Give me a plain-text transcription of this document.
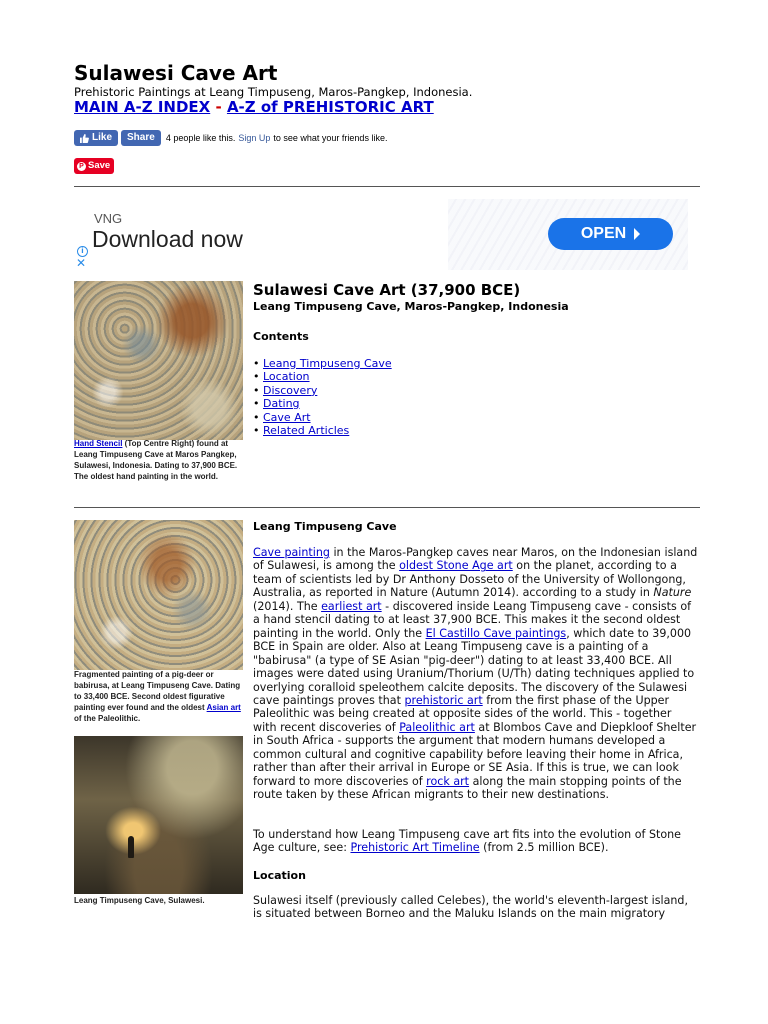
Sulawesi Cave Art
Prehistoric Paintings at Leang Timpuseng, Maros-Pangkep, Indonesia.
MAIN A-Z INDEX - A-Z of PREHISTORIC ART
Like	Share	4 people like this. Sign Up to see what your friends like.
P Save
VNG
Download now
i
✕
OPEN
Hand Stencil (Top Centre Right) found at Leang Timpuseng Cave at Maros Pangkep, Sulawesi, Indonesia. Dating to 37,900 BCE. The oldest hand painting in the world.
Fragmented painting of a pig-deer or babirusa, at Leang Timpuseng Cave. Dating to 33,400 BCE. Second oldest figurative painting ever found and the oldest Asian art of the Paleolithic.
Leang Timpuseng Cave, Sulawesi.
Sulawesi Cave Art (37,900 BCE)
Leang Timpuseng Cave, Maros-Pangkep, Indonesia
Contents
• Leang Timpuseng Cave
• Location
• Discovery
• Dating
• Cave Art
• Related Articles
Leang Timpuseng Cave

Cave painting in the Maros-Pangkep caves near Maros, on the Indonesian island of Sulawesi, is among the oldest Stone Age art on the planet, according to a team of scientists led by Dr Anthony Dosseto of the University of Wollongong, Australia, as reported in Nature (Autumn 2014). according to a study in Nature (2014). The earliest art - discovered inside Leang Timpuseng cave - consists of a hand stencil dating to at least 37,900 BCE. This makes it the second oldest painting in the world. Only the El Castillo Cave paintings, which date to 39,000 BCE in Spain are older. Also at Leang Timpuseng cave is a painting of a "babirusa" (a type of SE Asian "pig-deer") dating to at least 33,400 BCE. All images were dated using Uranium/Thorium (U/Th) dating techniques applied to overlying coralloid speleothem calcite deposits. The discovery of the Sulawesi cave paintings proves that prehistoric art from the first phase of the Upper Paleolithic was being created at opposite sides of the world. This - together with recent discoveries of Paleolithic art at Blombos Cave and Diepkloof Shelter in South Africa - supports the argument that modern humans developed a common cultural and cognitive capability before leaving their home in Africa, rather than after their arrival in Europe or SE Asia. If this is true, we can look forward to more discoveries of rock art along the main stopping points of the route taken by these African migrants to their new destinations.

To understand how Leang Timpuseng cave art fits into the evolution of Stone Age culture, see: Prehistoric Art Timeline (from 2.5 million BCE).

Location

Sulawesi itself (previously called Celebes), the world's eleventh-largest island, is situated between Borneo and the Maluku Islands on the main migratory
